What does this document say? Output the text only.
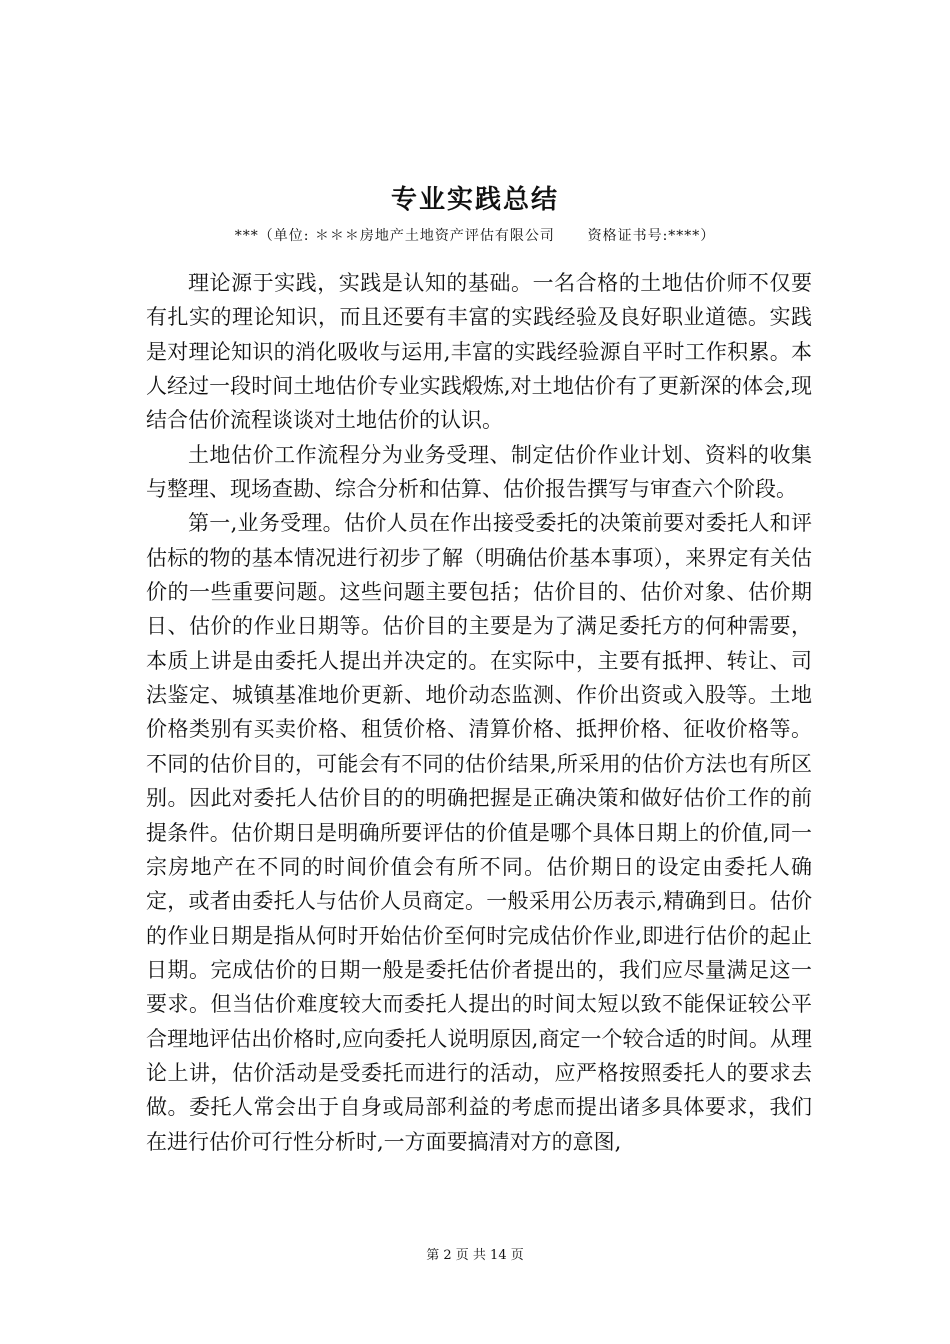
专业实践总结
***（单位: ＊＊＊房地产土地资产评估有限公司      资格证书号:****）

理论源于实践，实践是认知的基础。一名合格的土地估价师不仅要有扎实的理论知识，而且还要有丰富的实践经验及良好职业道德。实践是对理论知识的消化吸收与运用,丰富的实践经验源自平时工作积累。本人经过一段时间土地估价专业实践煅炼,对土地估价有了更新深的体会,现结合估价流程谈谈对土地估价的认识。

土地估价工作流程分为业务受理、制定估价作业计划、资料的收集与整理、现场查勘、综合分析和估算、估价报告撰写与审查六个阶段。

第一,业务受理。估价人员在作出接受委托的决策前要对委托人和评估标的物的基本情况进行初步了解（明确估价基本事项），来界定有关估价的一些重要问题。这些问题主要包括；估价目的、估价对象、估价期日、估价的作业日期等。估价目的主要是为了满足委托方的何种需要，本质上讲是由委托人提出并决定的。在实际中，主要有抵押、转让、司法鉴定、城镇基准地价更新、地价动态监测、作价出资或入股等。土地价格类别有买卖价格、租赁价格、清算价格、抵押价格、征收价格等。不同的估价目的，可能会有不同的估价结果,所采用的估价方法也有所区别。因此对委托人估价目的的明确把握是正确决策和做好估价工作的前提条件。估价期日是明确所要评估的价值是哪个具体日期上的价值,同一宗房地产在不同的时间价值会有所不同。估价期日的设定由委托人确定，或者由委托人与估价人员商定。一般采用公历表示,精确到日。估价的作业日期是指从何时开始估价至何时完成估价作业,即进行估价的起止日期。完成估价的日期一般是委托估价者提出的，我们应尽量满足这一要求。但当估价难度较大而委托人提出的时间太短以致不能保证较公平合理地评估出价格时,应向委托人说明原因,商定一个较合适的时间。从理论上讲，估价活动是受委托而进行的活动，应严格按照委托人的要求去做。委托人常会出于自身或局部利益的考虑而提出诸多具体要求，我们在进行估价可行性分析时,一方面要搞清对方的意图,

第 2 页 共 14 页
